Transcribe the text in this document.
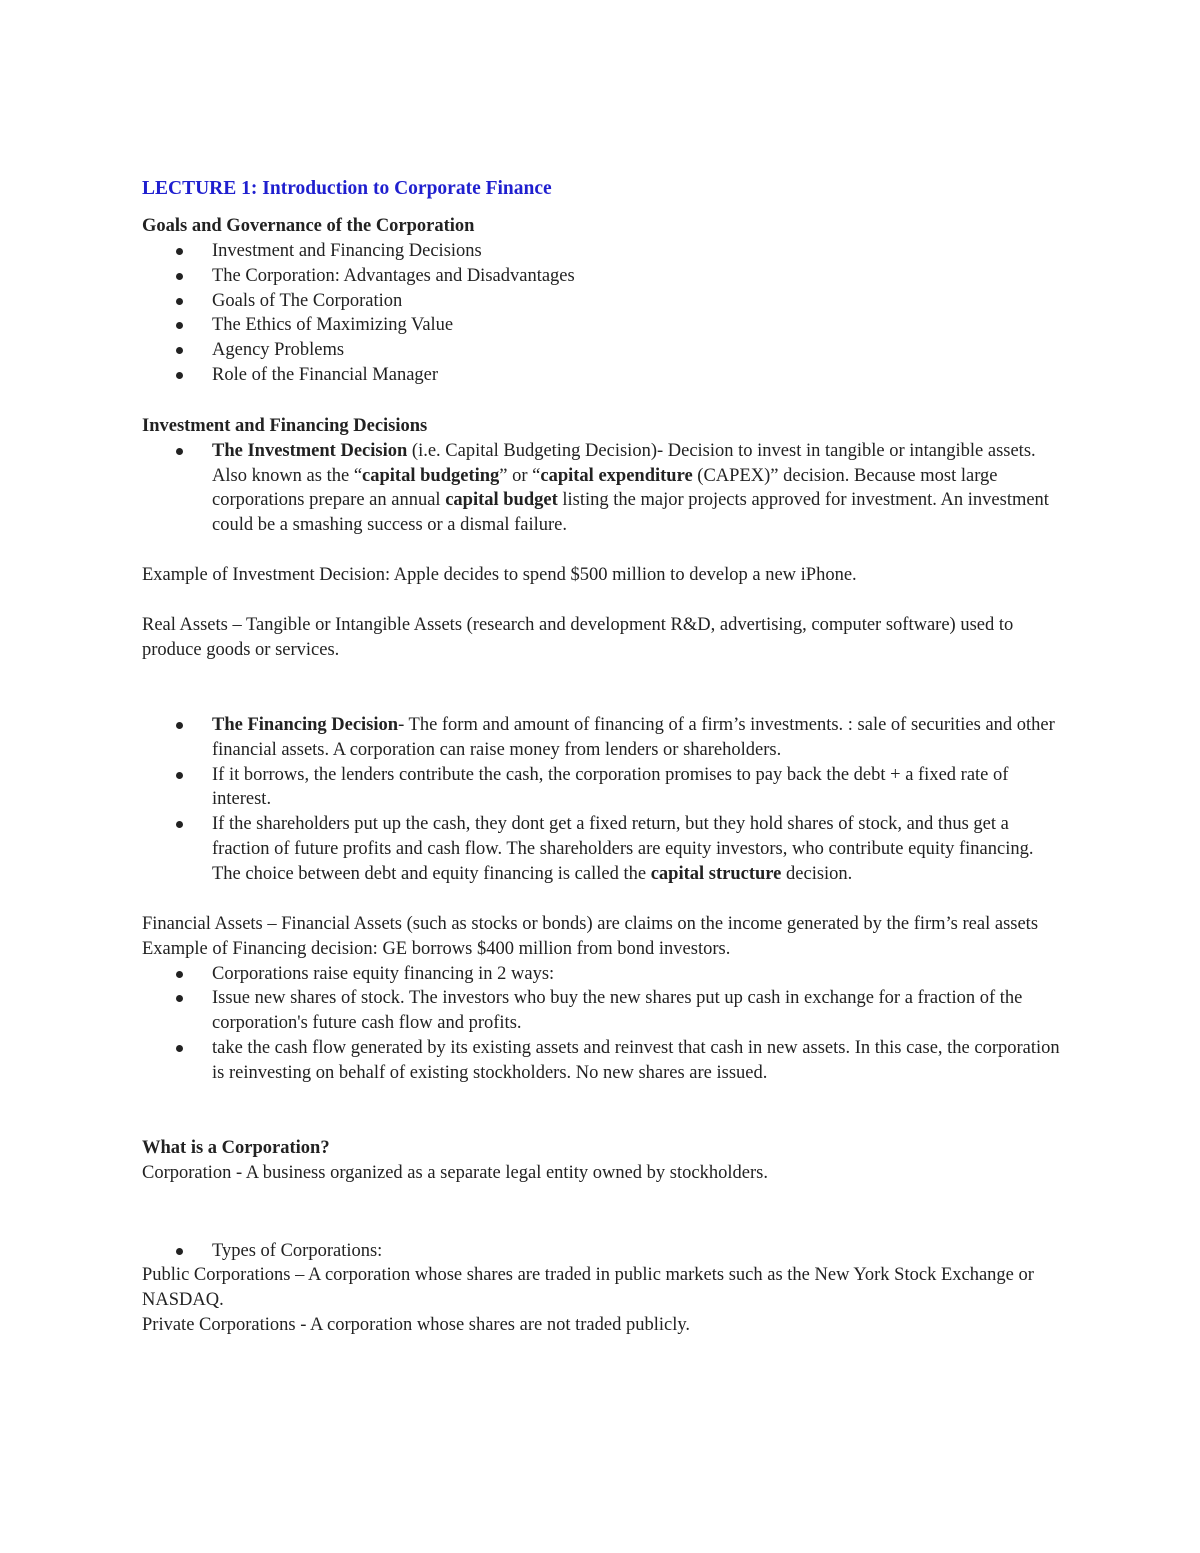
LECTURE 1: Introduction to Corporate Finance
Goals and Governance of the Corporation
Investment and Financing Decisions
The Corporation: Advantages and Disadvantages
Goals of The Corporation
The Ethics of Maximizing Value
Agency Problems
Role of the Financial Manager
Investment and Financing Decisions
The Investment Decision (i.e. Capital Budgeting Decision)- Decision to invest in tangible or intangible assets. Also known as the “capital budgeting” or “capital expenditure (CAPEX)” decision. Because most large corporations prepare an annual capital budget listing the major projects approved for investment. An investment could be a smashing success or a dismal failure.
Example of Investment Decision: Apple decides to spend $500 million to develop a new iPhone.
Real Assets – Tangible or Intangible Assets (research and development R&D, advertising, computer software) used to produce goods or services.
The Financing Decision- The form and amount of financing of a firm’s investments. : sale of securities and other financial assets. A corporation can raise money from lenders or shareholders.
If it borrows, the lenders contribute the cash, the corporation promises to pay back the debt + a fixed rate of interest.
If the shareholders put up the cash, they dont get a fixed return, but they hold shares of stock, and thus get a fraction of future profits and cash flow. The shareholders are equity investors, who contribute equity financing. The choice between debt and equity financing is called the capital structure decision.
Financial Assets – Financial Assets (such as stocks or bonds) are claims on the income generated by the firm’s real assets
Example of Financing decision: GE borrows $400 million from bond investors.
Corporations raise equity financing in 2 ways:
Issue new shares of stock. The investors who buy the new shares put up cash in exchange for a fraction of the corporation's future cash flow and profits.
take the cash flow generated by its existing assets and reinvest that cash in new assets. In this case, the corporation is reinvesting on behalf of existing stockholders. No new shares are issued.
What is a Corporation?
Corporation - A business organized as a separate legal entity owned by stockholders.
Types of Corporations:
Public Corporations – A corporation whose shares are traded in public markets such as the New York Stock Exchange or NASDAQ.
Private Corporations - A corporation whose shares are not traded publicly.
